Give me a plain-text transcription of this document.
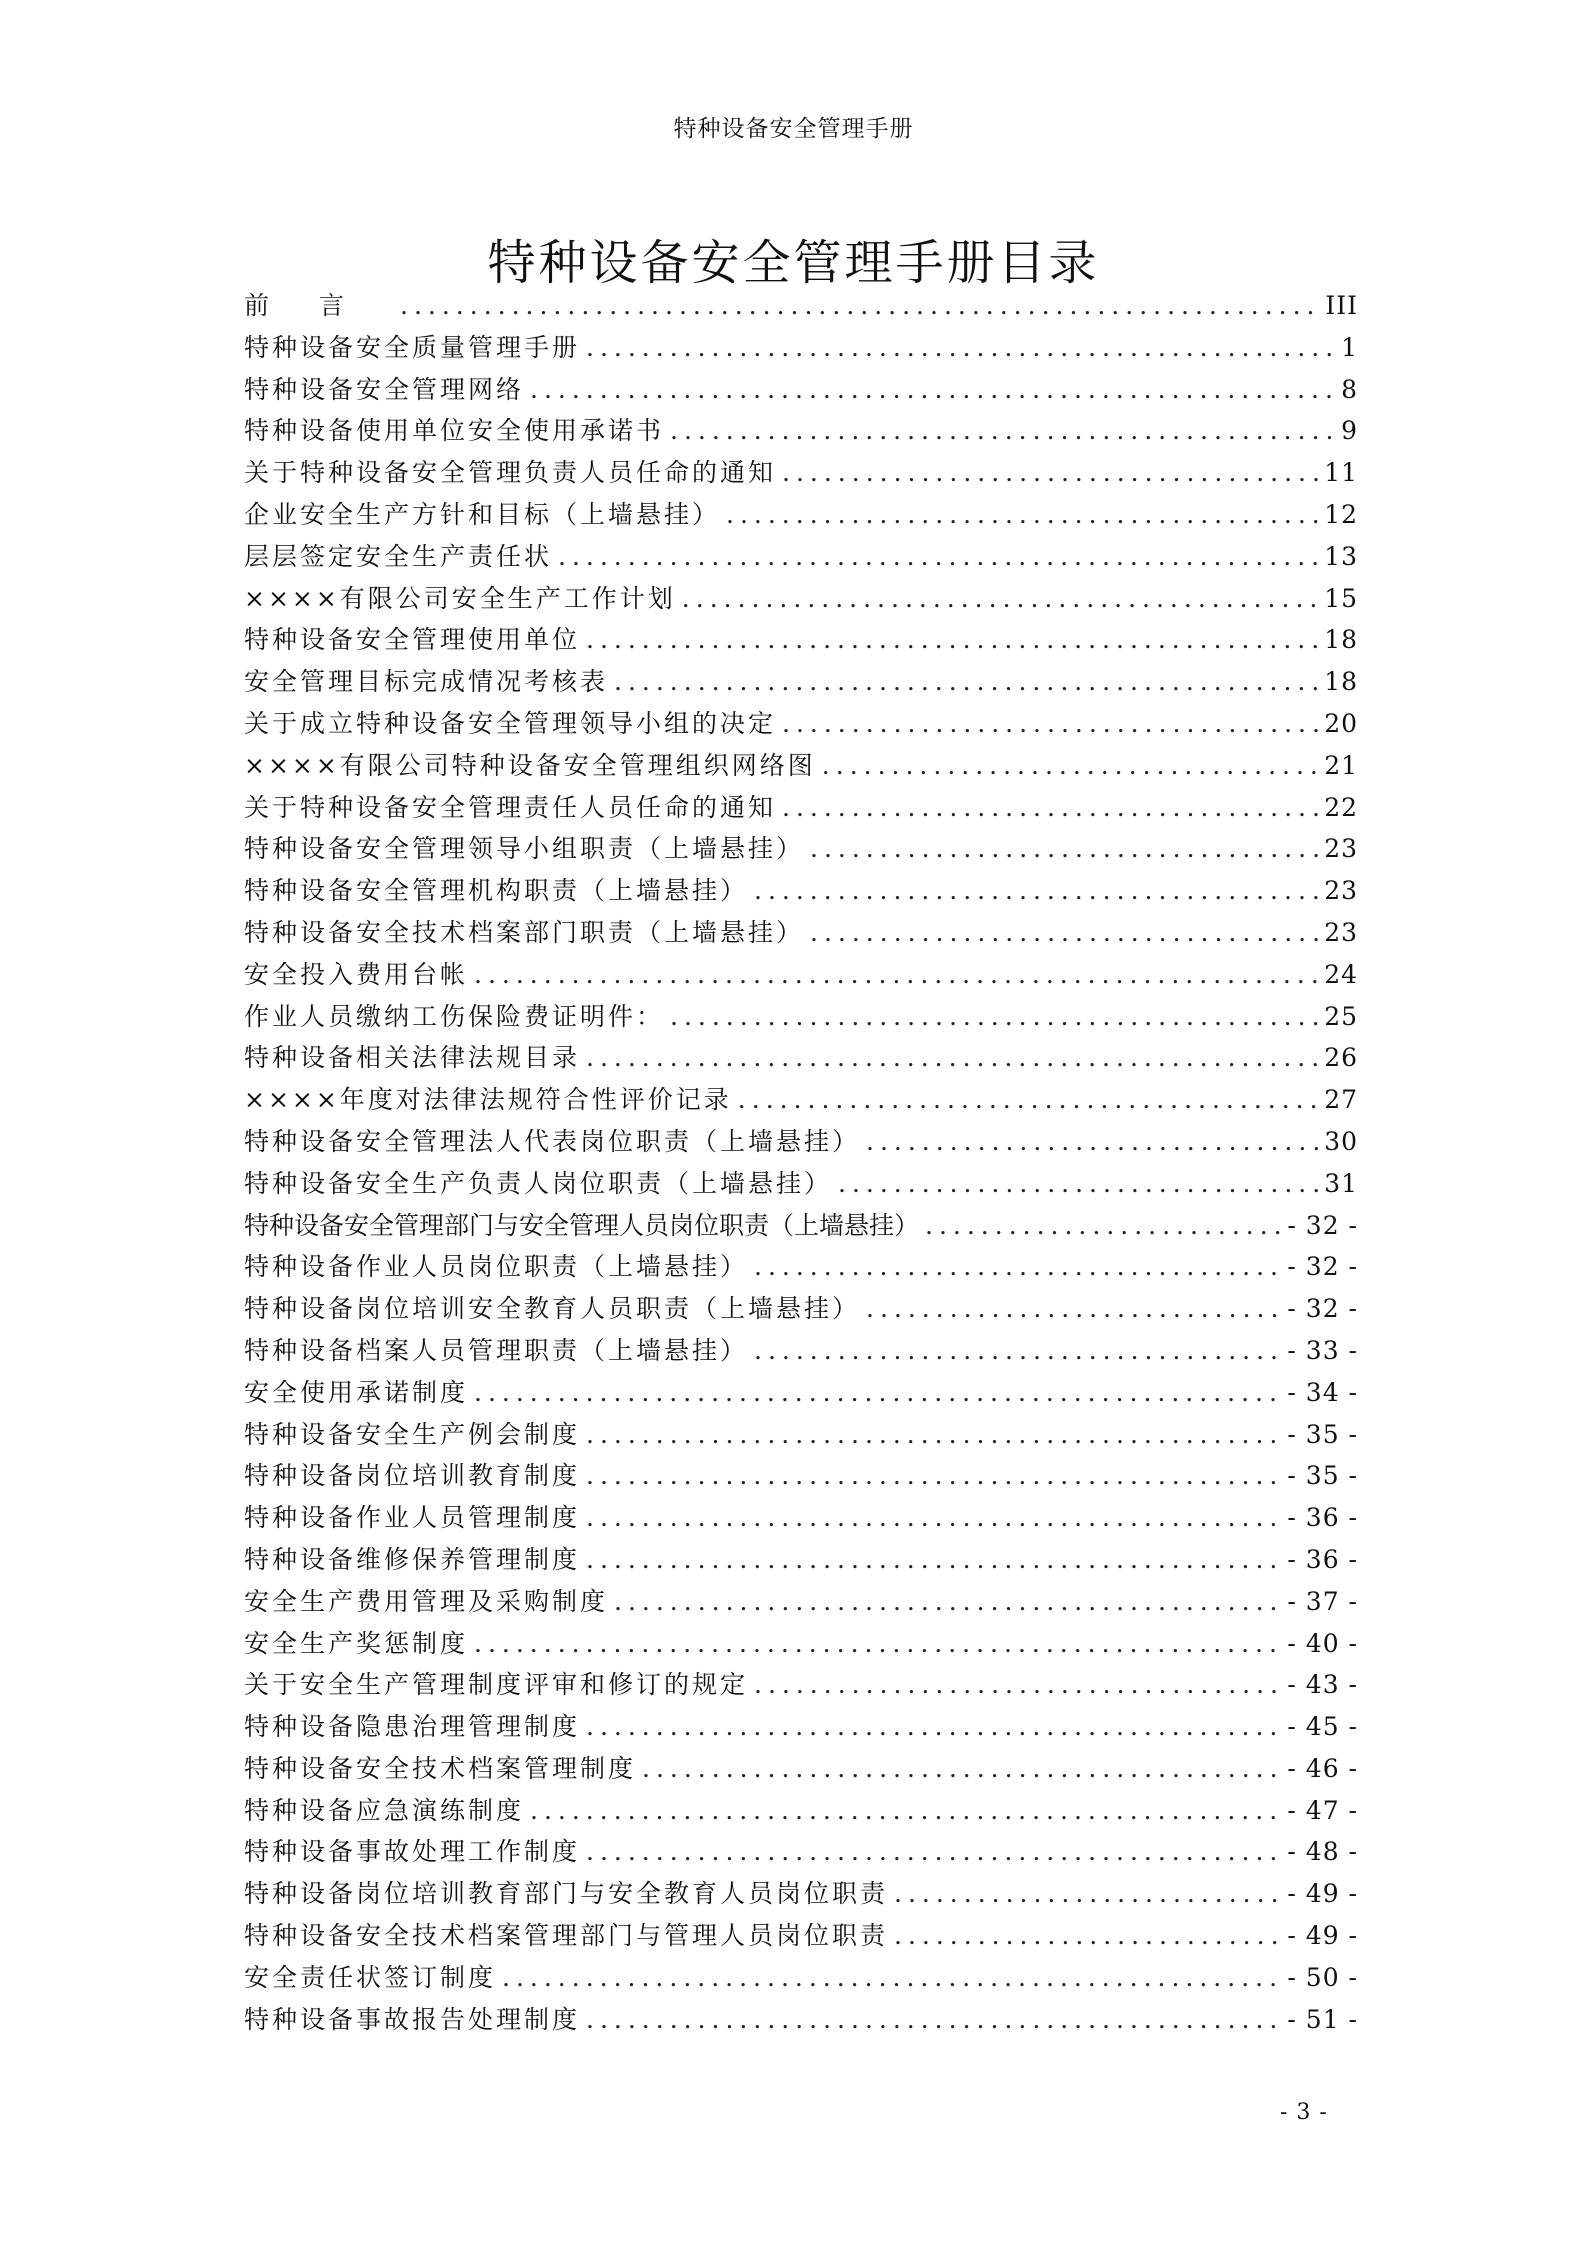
特种设备安全管理手册
特种设备安全管理手册目录
前言 .....	III
特种设备安全质量管理手册 .....	1
特种设备安全管理网络 .....	8
特种设备使用单位安全使用承诺书 .....	9
关于特种设备安全管理负责人员任命的通知 .....	11
企业安全生产方针和目标（上墙悬挂） .....	12
层层签定安全生产责任状 .....	13
××××有限公司安全生产工作计划 .....	15
特种设备安全管理使用单位 .....	18
安全管理目标完成情况考核表 .....	18
关于成立特种设备安全管理领导小组的决定 .....	20
××××有限公司特种设备安全管理组织网络图 .....	21
关于特种设备安全管理责任人员任命的通知 .....	22
特种设备安全管理领导小组职责（上墙悬挂） .....	23
特种设备安全管理机构职责（上墙悬挂） .....	23
特种设备安全技术档案部门职责（上墙悬挂） .....	23
安全投入费用台帐 .....	24
作业人员缴纳工伤保险费证明件： .....	25
特种设备相关法律法规目录 .....	26
××××年度对法律法规符合性评价记录 .....	27
特种设备安全管理法人代表岗位职责（上墙悬挂） .....	30
特种设备安全生产负责人岗位职责（上墙悬挂） .....	31
特种设备安全管理部门与安全管理人员岗位职责（上墙悬挂） .....	- 32 -
特种设备作业人员岗位职责（上墙悬挂） .....	- 32 -
特种设备岗位培训安全教育人员职责（上墙悬挂） .....	- 32 -
特种设备档案人员管理职责（上墙悬挂） .....	- 33 -
安全使用承诺制度 .....	- 34 -
特种设备安全生产例会制度 .....	- 35 -
特种设备岗位培训教育制度 .....	- 35 -
特种设备作业人员管理制度 .....	- 36 -
特种设备维修保养管理制度 .....	- 36 -
安全生产费用管理及采购制度 .....	- 37 -
安全生产奖惩制度 .....	- 40 -
关于安全生产管理制度评审和修订的规定 .....	- 43 -
特种设备隐患治理管理制度 .....	- 45 -
特种设备安全技术档案管理制度 .....	- 46 -
特种设备应急演练制度 .....	- 47 -
特种设备事故处理工作制度 .....	- 48 -
特种设备岗位培训教育部门与安全教育人员岗位职责 .....	- 49 -
特种设备安全技术档案管理部门与管理人员岗位职责 .....	- 49 -
安全责任状签订制度 .....	- 50 -
特种设备事故报告处理制度 .....	- 51 -
- 3 -
